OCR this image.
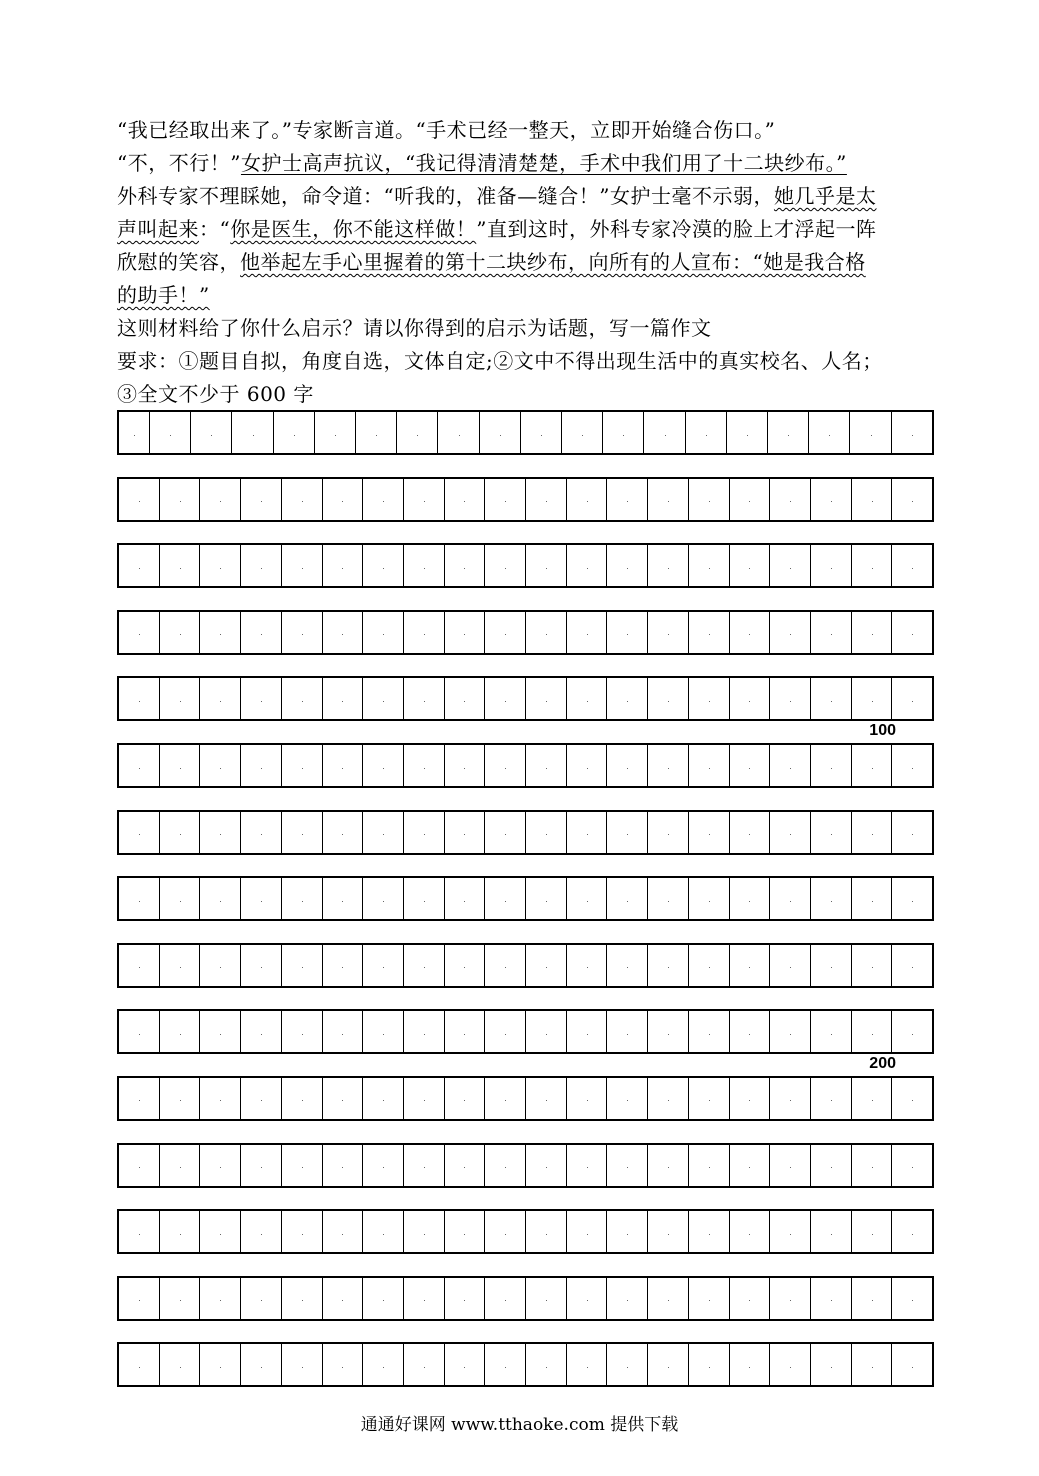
“我已经取出来了。”专家断言道。“手术已经一整天，立即开始缝合伤口。”
“不，不行！”女护士高声抗议，“我记得清清楚楚，手术中我们用了十二块纱布。”
外科专家不理睬她，命令道：“听我的，准备—缝合！”女护士毫不示弱，她几乎是太
声叫起来：“你是医生，你不能这样做！”直到这时，外科专家冷漠的脸上才浮起一阵
欣慰的笑容，他举起左手心里握着的第十二块纱布，向所有的人宣布：“她是我合格
的助手！”
这则材料给了你什么启示？请以你得到的启示为话题，写一篇作文
要求：①题目自拟，角度自选，文体自定;②文中不得出现生活中的真实校名、人名；
③全文不少于 600 字
100
200
通通好课网 www.tthaoke.com 提供下载
